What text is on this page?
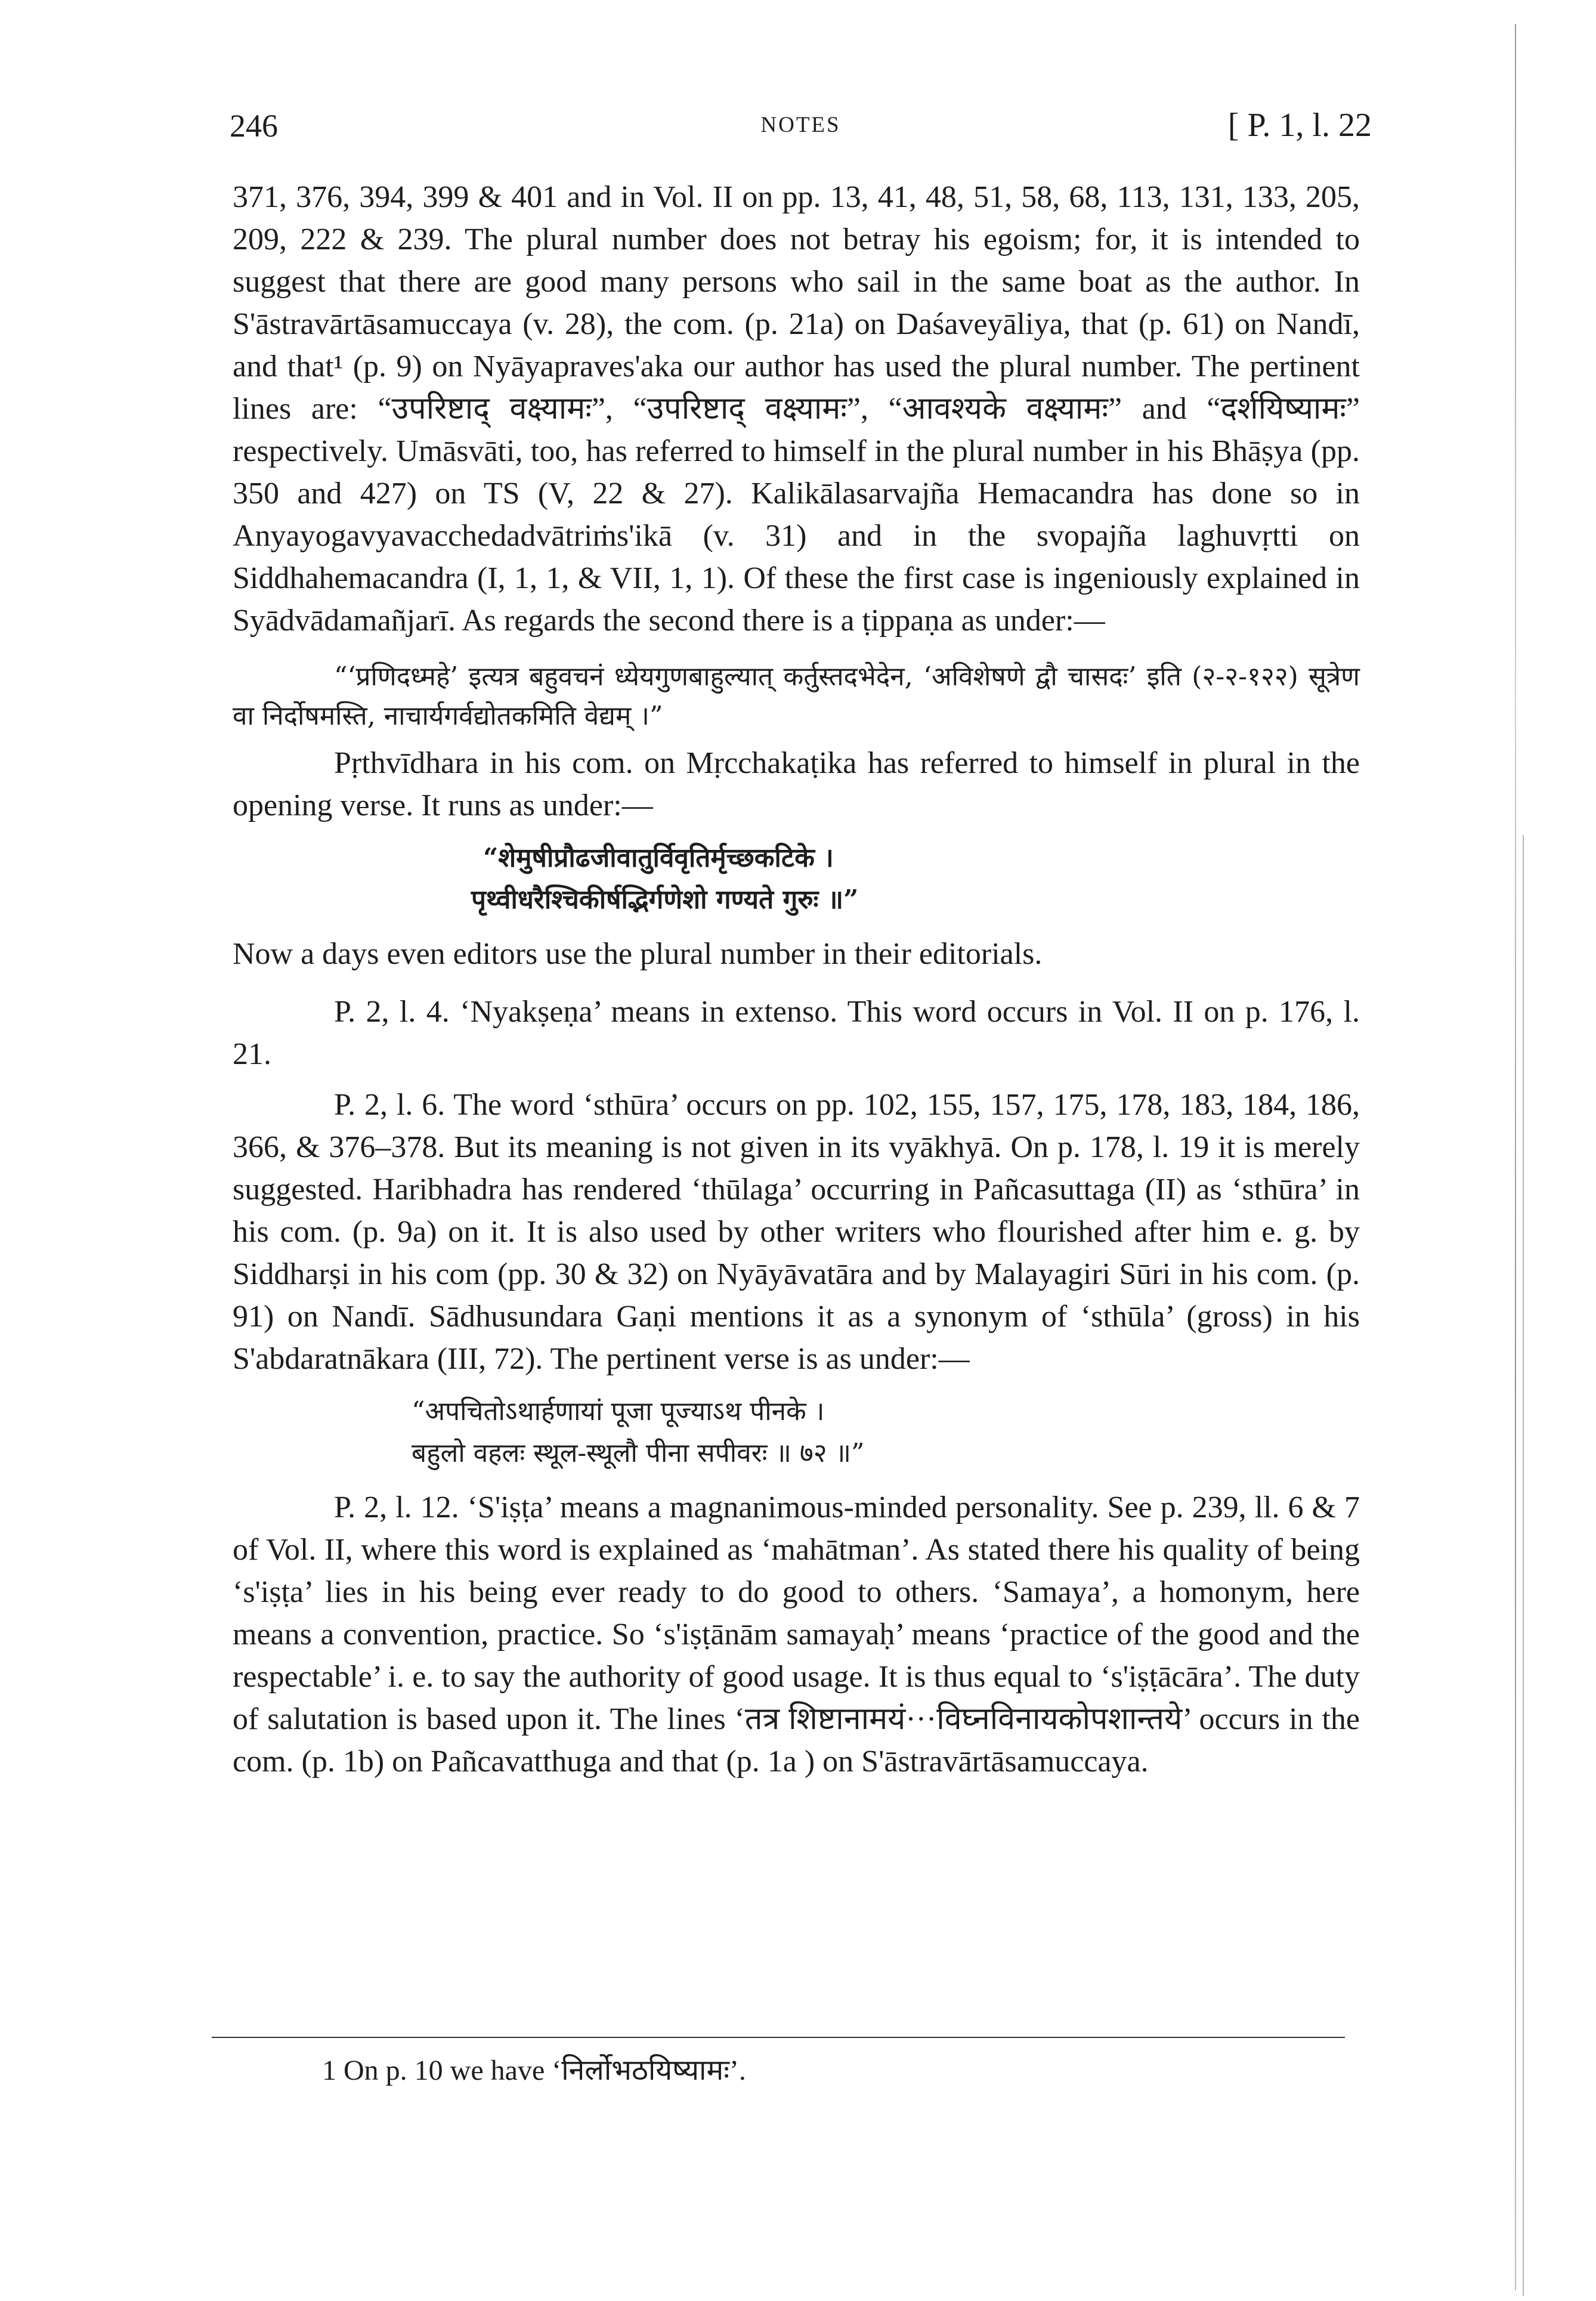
246	NOTES	[ P. 1, l. 22

371, 376, 394, 399 & 401 and in Vol. II on pp. 13, 41, 48, 51, 58, 68, 113, 131, 133, 205, 209, 222 & 239. The plural number does not betray his egoism; for, it is intended to suggest that there are good many persons who sail in the same boat as the author. In S'āstravārtāsamuccaya (v. 28), the com. (p. 21a) on Daśaveyāliya, that (p. 61) on Nandī, and that¹ (p. 9) on Nyāyapraves'aka our author has used the plural number. The pertinent lines are: “उपरिष्टाद् वक्ष्यामः”, “उपरिष्टाद् वक्ष्यामः”, “आवश्यके वक्ष्यामः” and “दर्शयिष्यामः” respectively. Umāsvāti, too, has referred to himself in the plural number in his Bhāṣya (pp. 350 and 427) on TS (V, 22 & 27). Kalikālasarvajña Hemacandra has done so in Anyayogavyavacchedadvātriṁs'ikā (v. 31) and in the svopajña laghuvṛtti on Siddhahemacandra (I, 1, 1, & VII, 1, 1). Of these the first case is ingeniously explained in Syādvādamañjarī. As regards the second there is a ṭippaṇa as under:—

“‘प्रणिदध्महे’ इत्यत्र बहुवचनं ध्येयगुणबाहुल्यात् कर्तुस्तदभेदेन, ‘अविशेषणे द्वौ चासदः’ इति (२-२-१२२) सूत्रेण वा निर्दोषमस्ति, नाचार्यगर्वद्योतकमिति वेद्यम् ।”

Pṛthvīdhara in his com. on Mṛcchakaṭika has referred to himself in plural in the opening verse. It runs as under:—

“शेमुषीप्रौढजीवातुर्विवृतिर्मृच्छकटिके ।

पृथ्वीधरैश्चिकीर्षद्भिर्गणेशो गण्यते गुरुः ॥”

Now a days even editors use the plural number in their editorials.

P. 2, l. 4. ‘Nyakṣeṇa’ means in extenso. This word occurs in Vol. II on p. 176, l. 21.

P. 2, l. 6. The word ‘sthūra’ occurs on pp. 102, 155, 157, 175, 178, 183, 184, 186, 366, & 376–378. But its meaning is not given in its vyākhyā. On p. 178, l. 19 it is merely suggested. Haribhadra has rendered ‘thūlaga’ occurring in Pañcasuttaga (II) as ‘sthūra’ in his com. (p. 9a) on it. It is also used by other writers who flourished after him e. g. by Siddharṣi in his com (pp. 30 & 32) on Nyāyāvatāra and by Malayagiri Sūri in his com. (p. 91) on Nandī. Sādhusundara Gaṇi mentions it as a synonym of ‘sthūla’ (gross) in his S'abdaratnākara (III, 72). The pertinent verse is as under:—

“अपचितोऽथार्हणायां पूजा पूज्याऽथ पीनके ।

बहुलो वहलः स्थूल-स्थूलौ पीना सपीवरः ॥ ७२ ॥”

P. 2, l. 12. ‘S'iṣṭa’ means a magnanimous-minded personality. See p. 239, ll. 6 & 7 of Vol. II, where this word is explained as ‘mahātman’. As stated there his quality of being ‘s'iṣṭa’ lies in his being ever ready to do good to others. ‘Samaya’, a homonym, here means a convention, practice. So ‘s'iṣṭānām samayaḥ’ means ‘practice of the good and the respectable’ i. e. to say the authority of good usage. It is thus equal to ‘s'iṣṭācāra’. The duty of salutation is based upon it. The lines ‘तत्र शिष्टानामयं···विघ्नविनायकोपशान्तये’ occurs in the com. (p. 1b) on Pañcavatthuga and that (p. 1a ) on S'āstravārtāsamuccaya.

1 On p. 10 we have ‘निर्लोभठयिष्यामः’.
